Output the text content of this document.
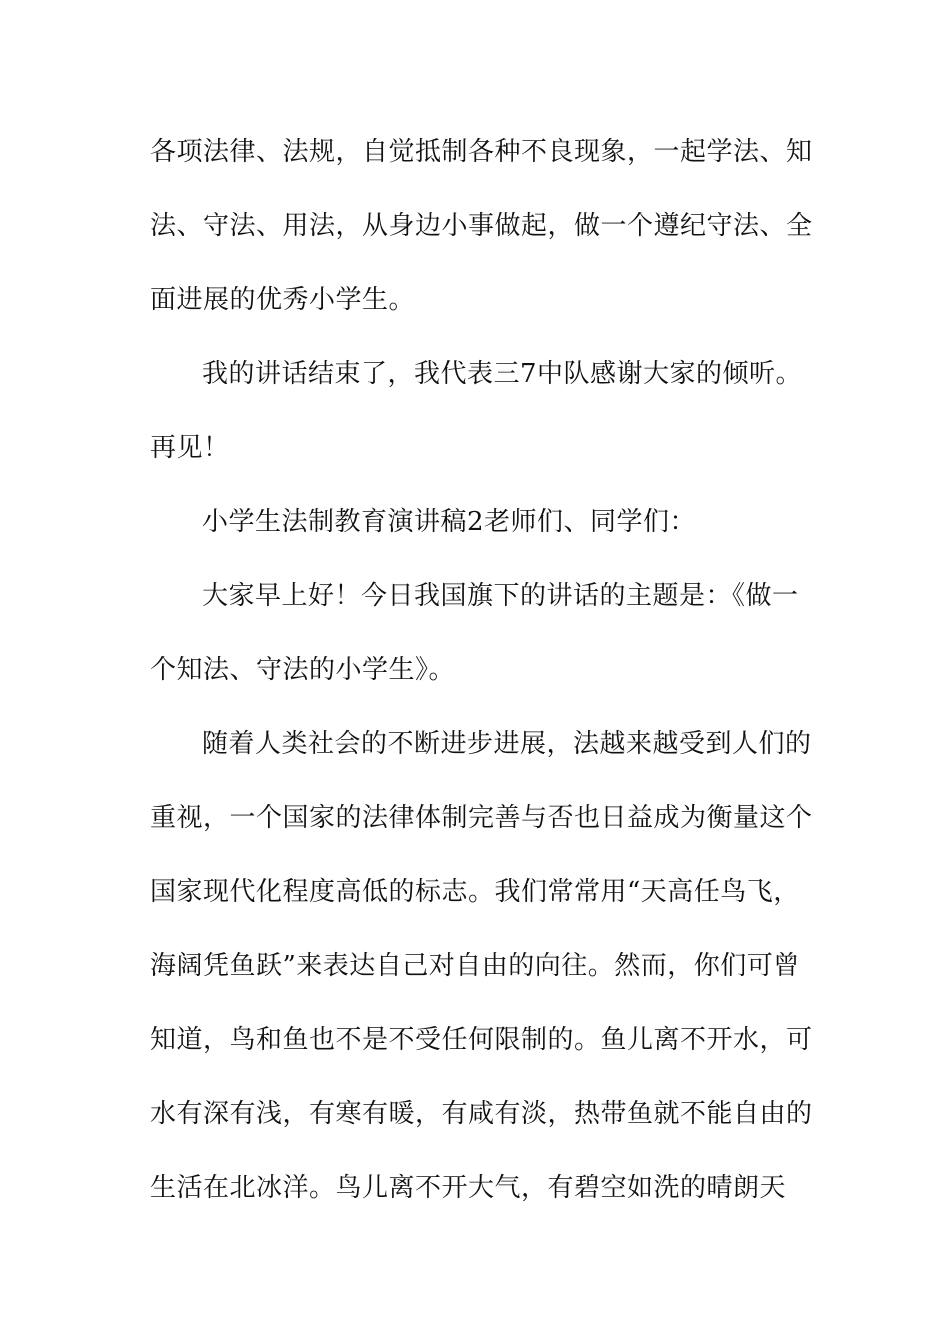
各项法律、法规，自觉抵制各种不良现象，一起学法、知
法、守法、用法，从身边小事做起，做一个遵纪守法、全
面进展的优秀小学生。
我的讲话结束了，我代表三7中队感谢大家的倾听。
再见！
小学生法制教育演讲稿2老师们、同学们：
大家早上好！今日我国旗下的讲话的主题是：《做一
个知法、守法的小学生》。
随着人类社会的不断进步进展，法越来越受到人们的
重视，一个国家的法律体制完善与否也日益成为衡量这个
国家现代化程度高低的标志。我们常常用“天高任鸟飞，
海阔凭鱼跃”来表达自己对自由的向往。然而，你们可曾
知道，鸟和鱼也不是不受任何限制的。鱼儿离不开水，可
水有深有浅，有寒有暖，有咸有淡，热带鱼就不能自由的
生活在北冰洋。鸟儿离不开大气，有碧空如洗的晴朗天
